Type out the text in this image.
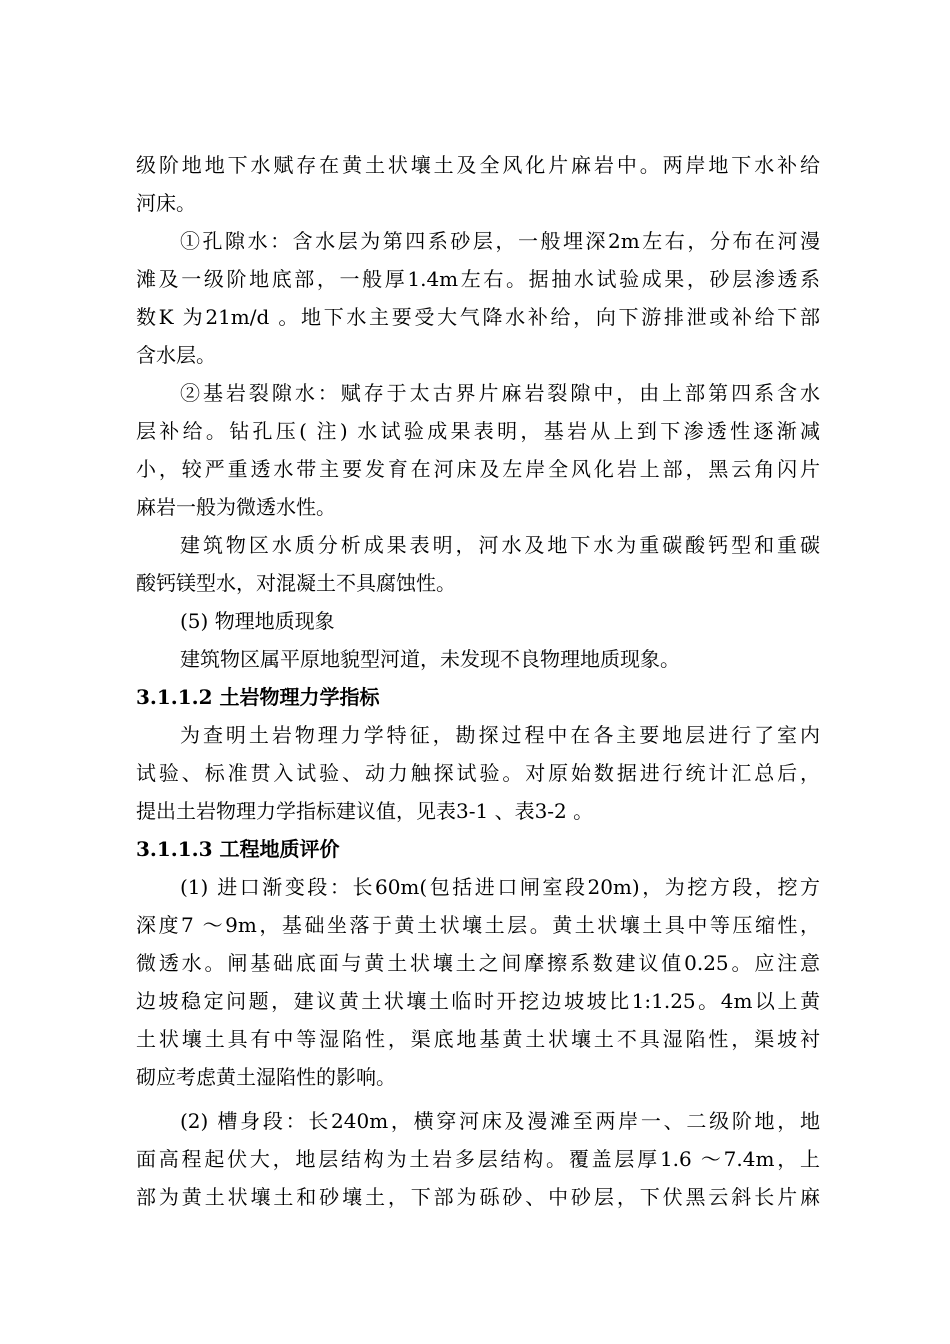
级阶地地下水赋存在黄土状壤土及全风化片麻岩中。两岸地下水补给
河床。
①孔隙水：含水层为第四系砂层，一般埋深2m左右，分布在河漫
滩及一级阶地底部，一般厚1.4m左右。据抽水试验成果，砂层渗透系
数K 为21m/d 。地下水主要受大气降水补给，向下游排泄或补给下部
含水层。
②基岩裂隙水：赋存于太古界片麻岩裂隙中，由上部第四系含水
层补给。钻孔压( 注) 水试验成果表明，基岩从上到下渗透性逐渐减
小，较严重透水带主要发育在河床及左岸全风化岩上部，黑云角闪片
麻岩一般为微透水性。
建筑物区水质分析成果表明，河水及地下水为重碳酸钙型和重碳
酸钙镁型水，对混凝土不具腐蚀性。
(5) 物理地质现象
建筑物区属平原地貌型河道，未发现不良物理地质现象。
3.1.1.2 土岩物理力学指标
为查明土岩物理力学特征，勘探过程中在各主要地层进行了室内
试验、标准贯入试验、动力触探试验。对原始数据进行统计汇总后，
提出土岩物理力学指标建议值，见表3-1 、表3-2 。
3.1.1.3 工程地质评价
(1) 进口渐变段：长60m(包括进口闸室段20m)，为挖方段，挖方
深度7 ～9m，基础坐落于黄土状壤土层。黄土状壤土具中等压缩性，
微透水。闸基础底面与黄土状壤土之间摩擦系数建议值0.25。应注意
边坡稳定问题，建议黄土状壤土临时开挖边坡坡比1:1.25。4m以上黄
土状壤土具有中等湿陷性，渠底地基黄土状壤土不具湿陷性，渠坡衬
砌应考虑黄土湿陷性的影响。
(2) 槽身段：长240m，横穿河床及漫滩至两岸一、二级阶地，地
面高程起伏大，地层结构为土岩多层结构。覆盖层厚1.6 ～7.4m，上
部为黄土状壤土和砂壤土，下部为砾砂、中砂层，下伏黑云斜长片麻
